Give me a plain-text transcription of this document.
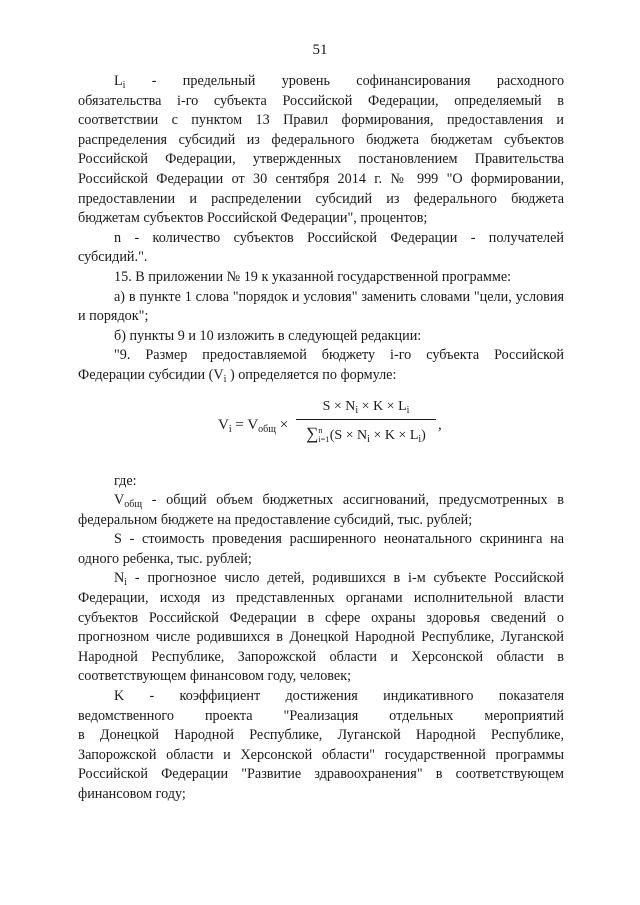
51

$L_i$ - предельный уровень софинансирования расходного
обязательства i-го субъекта Российской Федерации, определяемый в соответствии с пунктом 13 Правил формирования, предоставления и распределения субсидий из федерального бюджета бюджетам субъектов Российской Федерации, утвержденных постановлением Правительства Российской Федерации от 30 сентября 2014 г. № 999 "О формировании, предоставлении и распределении субсидий из федерального бюджета бюджетам субъектов Российской Федерации", процентов;

n - количество субъектов Российской Федерации - получателей субсидий.".

15. В приложении № 19 к указанной государственной программе:

а) в пункте 1 слова "порядок и условия" заменить словами "цели, условия и порядок";

б) пункты 9 и 10 изложить в следующей редакции:

"9. Размер предоставляемой бюджету i-го субъекта Российской Федерации субсидии ($V_i$ ) определяется по формуле:

$V_i = V_{общ}$ ×
$S \times N_i \times K \times L_i$
∑ n
i=1 $(S \times N_i \times K \times L_i)$
,

где:

$V_{общ}$ - общий объем бюджетных ассигнований, предусмотренных в федеральном бюджете на предоставление субсидий, тыс. рублей;

S - стоимость проведения расширенного неонатального скрининга на одного ребенка, тыс. рублей;

$N_i$ - прогнозное число детей, родившихся в i-м субъекте Российской Федерации, исходя из представленных органами исполнительной власти субъектов Российской Федерации в сфере охраны здоровья сведений о прогнозном числе родившихся в Донецкой Народной Республике, Луганской Народной Республике, Запорожской области и Херсонской области в соответствующем финансовом году, человек;

K - коэффициент достижения индикативного показателя
ведомственного проекта "Реализация отдельных мероприятий
в Донецкой Народной Республике, Луганской Народной Республике, Запорожской области и Херсонской области" государственной программы Российской Федерации "Развитие здравоохранения" в соответствующем финансовом году;
